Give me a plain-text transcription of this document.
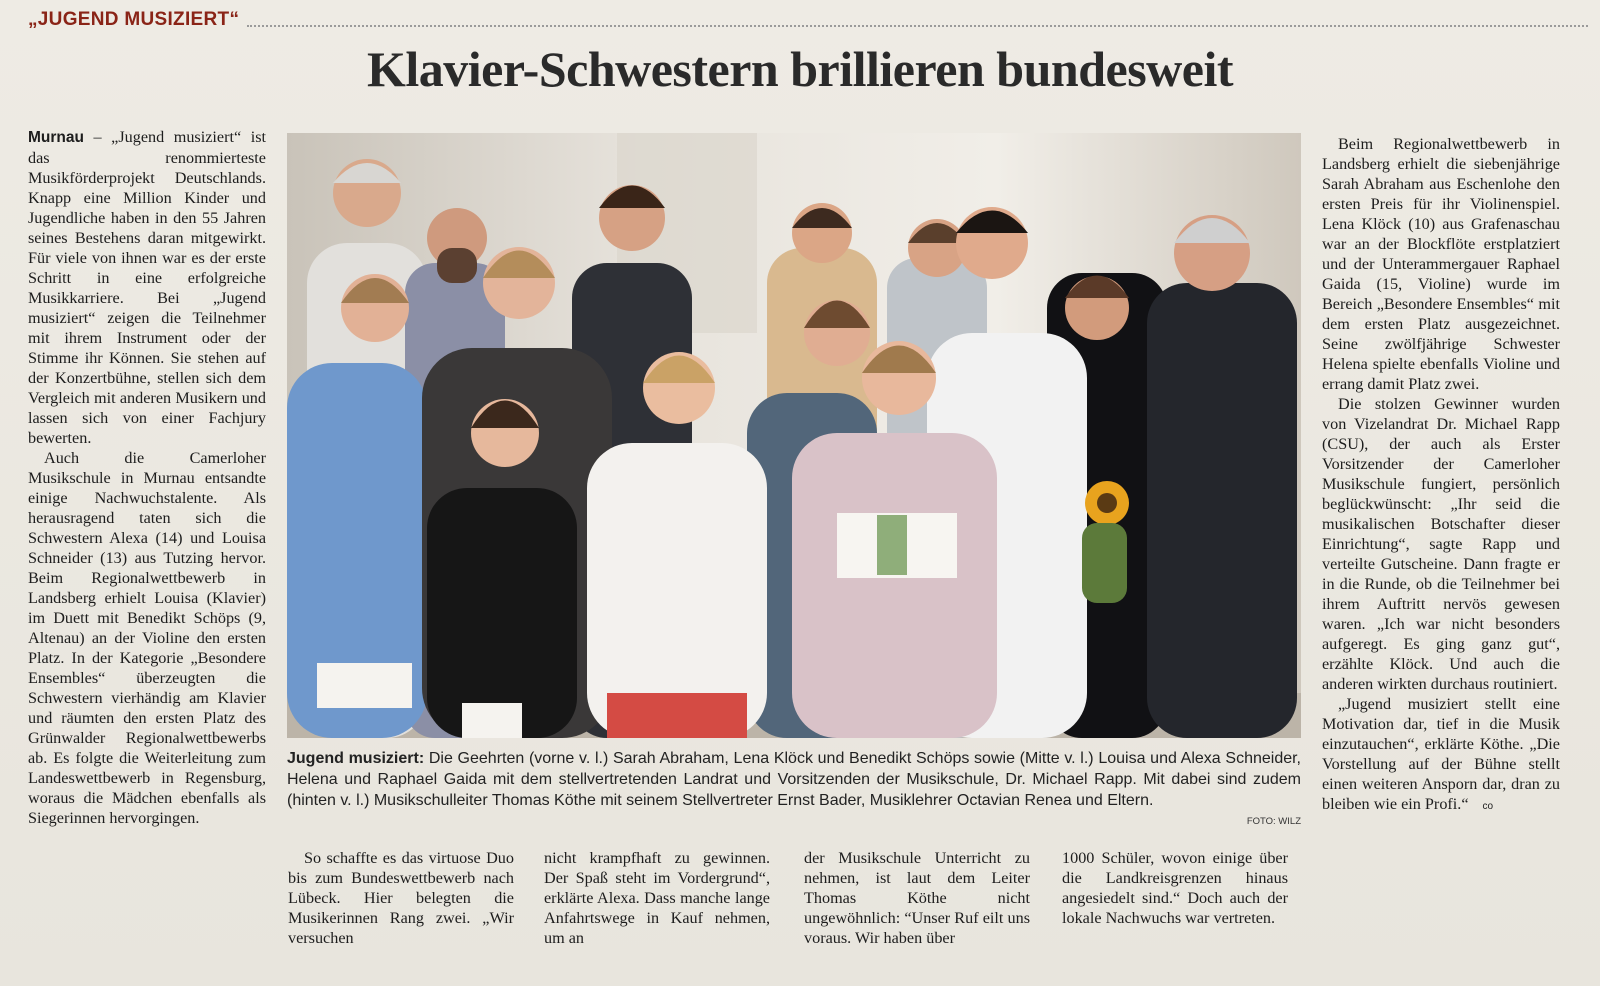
„JUGEND MUSIZIERT“
Klavier-Schwestern brillieren bundesweit

Murnau – „Jugend musiziert“ ist das renommierteste Musikförderprojekt Deutschlands. Knapp eine Million Kinder und Jugendliche haben in den 55 Jahren seines Bestehens daran mitgewirkt. Für viele von ihnen war es der erste Schritt in eine erfolgreiche Musikkarriere. Bei „Jugend musiziert“ zeigen die Teilnehmer mit ihrem Instrument oder der Stimme ihr Können. Sie stehen auf der Konzertbühne, stellen sich dem Vergleich mit anderen Musikern und lassen sich von einer Fachjury bewerten.

Auch die Camerloher Musikschule in Murnau entsandte einige Nachwuchstalente. Als herausragend taten sich die Schwestern Alexa (14) und Louisa Schneider (13) aus Tutzing hervor. Beim Regionalwettbewerb in Landsberg erhielt Louisa (Klavier) im Duett mit Benedikt Schöps (9, Altenau) an der Violine den ersten Platz. In der Kategorie „Besondere Ensembles“ überzeugten die Schwestern vierhändig am Klavier und räumten den ersten Platz des Grünwalder Regionalwettbewerbs ab. Es folgte die Weiterleitung zum Landeswettbewerb in Regensburg, woraus die Mädchen ebenfalls als Siegerinnen hervorgingen.

Jugend musiziert: Die Geehrten (vorne v. l.) Sarah Abraham, Lena Klöck und Benedikt Schöps sowie (Mitte v. l.) Louisa und Alexa Schneider, Helena und Raphael Gaida mit dem stellvertretenden Landrat und Vorsitzenden der Musikschule, Dr. Michael Rapp. Mit dabei sind zudem (hinten v. l.) Musikschulleiter Thomas Köthe mit seinem Stellvertreter Ernst Bader, Musiklehrer Octavian Renea und Eltern.
FOTO: WILZ

So schaffte es das virtuose Duo bis zum Bundeswettbewerb nach Lübeck. Hier belegten die Musikerinnen Rang zwei. „Wir versuchen

nicht krampfhaft zu gewinnen. Der Spaß steht im Vordergrund“, erklärte Alexa. Dass manche lange Anfahrtswege in Kauf nehmen, um an

der Musikschule Unterricht zu nehmen, ist laut dem Leiter Thomas Köthe nicht ungewöhnlich: “Unser Ruf eilt uns voraus. Wir haben über

1000 Schüler, wovon einige über die Landkreisgrenzen hinaus angesiedelt sind.“ Doch auch der lokale Nachwuchs war vertreten.

Beim Regionalwettbewerb in Landsberg erhielt die siebenjährige Sarah Abraham aus Eschenlohe den ersten Preis für ihr Violinenspiel. Lena Klöck (10) aus Grafenaschau war an der Blockflöte erstplatziert und der Unterammergauer Raphael Gaida (15, Violine) wurde im Bereich „Besondere Ensembles“ mit dem ersten Platz ausgezeichnet. Seine zwölfjährige Schwester Helena spielte ebenfalls Violine und errang damit Platz zwei.

Die stolzen Gewinner wurden von Vizelandrat Dr. Michael Rapp (CSU), der auch als Erster Vorsitzender der Camerloher Musikschule fungiert, persönlich beglückwünscht: „Ihr seid die musikalischen Botschafter dieser Einrichtung“, sagte Rapp und verteilte Gutscheine. Dann fragte er in die Runde, ob die Teilnehmer bei ihrem Auftritt nervös gewesen waren. „Ich war nicht besonders aufgeregt. Es ging ganz gut“, erzählte Klöck. Und auch die anderen wirkten durchaus routiniert.

„Jugend musiziert stellt eine Motivation dar, tief in die Musik einzutauchen“, erklärte Köthe. „Die Vorstellung auf der Bühne stellt einen weiteren Ansporn dar, dran zu bleiben wie ein Profi.“ co
